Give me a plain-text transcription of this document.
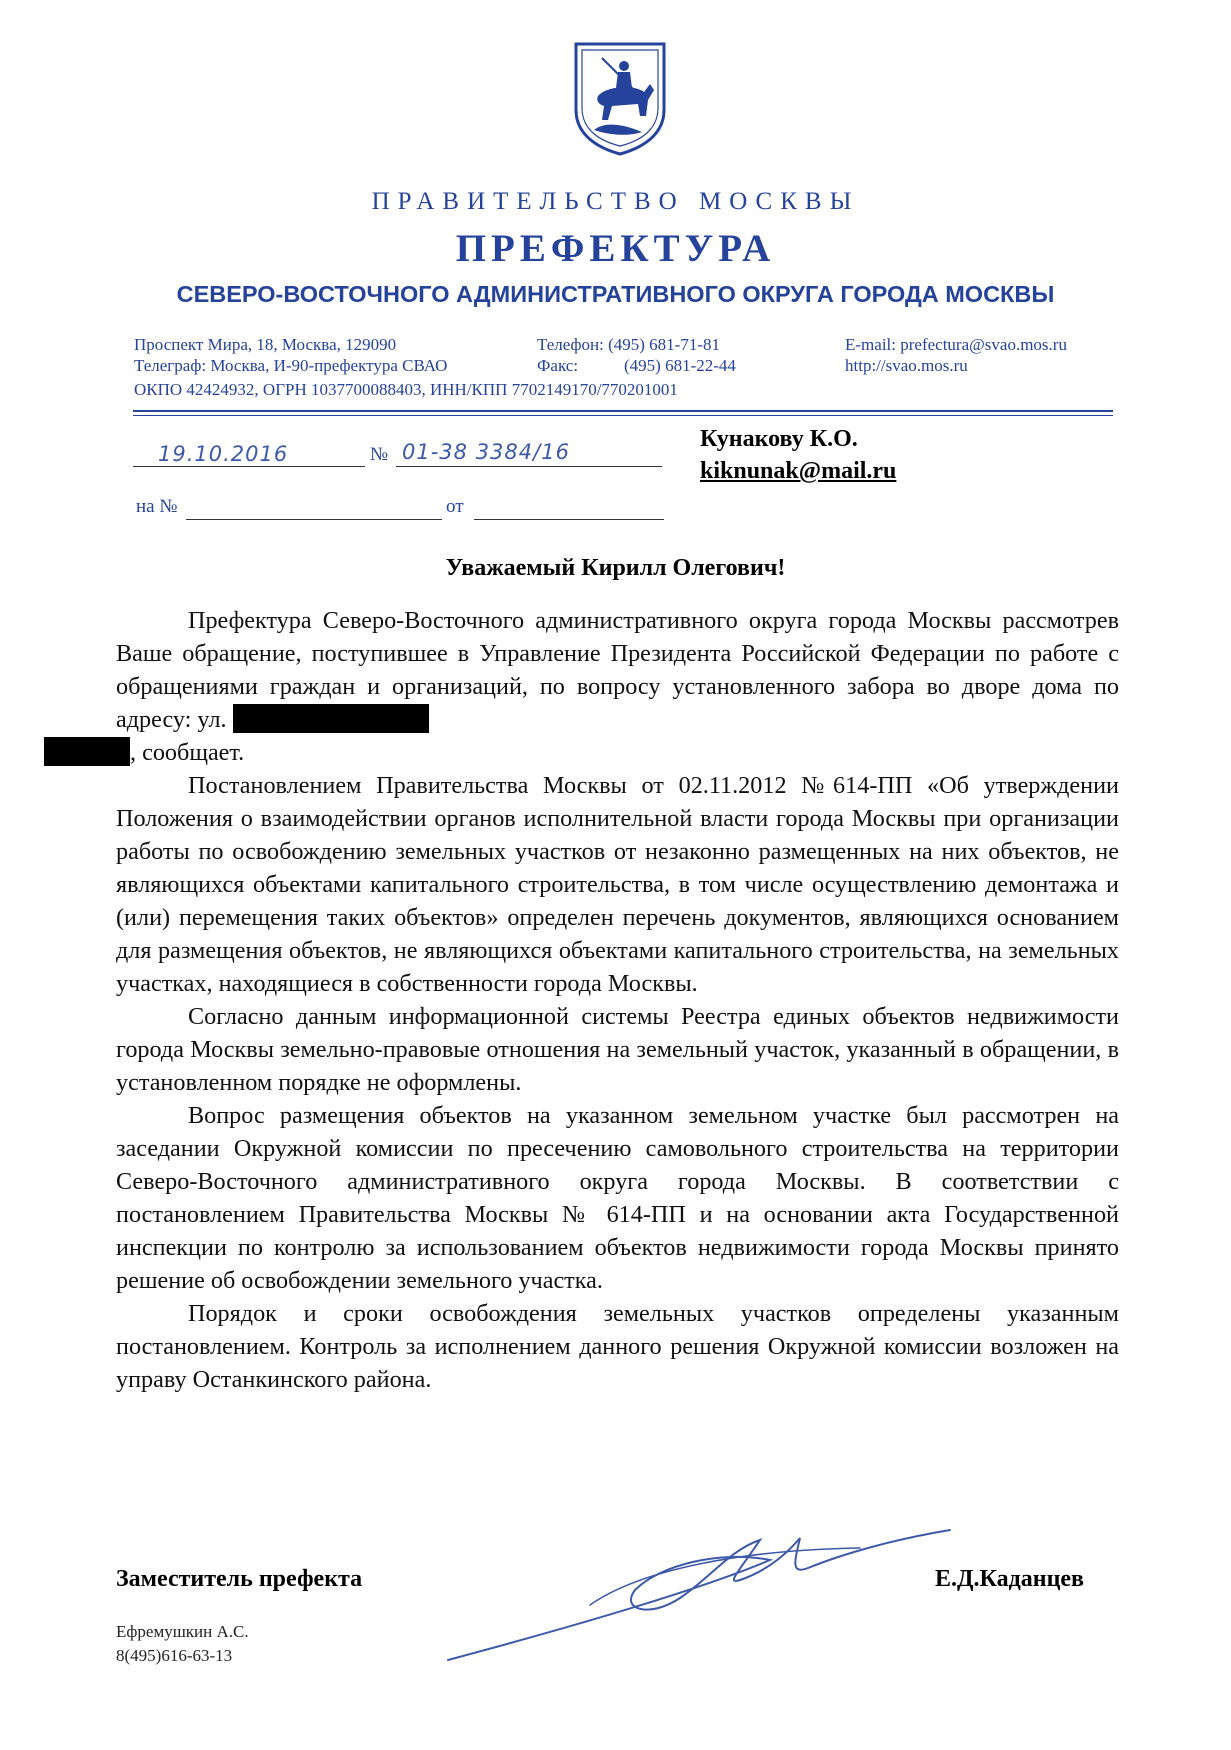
ПРАВИТЕЛЬСТВО МОСКВЫ
ПРЕФЕКТУРА
СЕВЕРО-ВОСТОЧНОГО АДМИНИСТРАТИВНОГО ОКРУГА ГОРОДА МОСКВЫ
Проспект Мира, 18, Москва, 129090
Телеграф: Москва, И-90-префектура СВАО
ОКПО 42424932, ОГРН 1037700088403, ИНН/КПП 7702149170/770201001
Телефон: (495) 681-71-81
Факс:	(495) 681-22-44
E-mail: prefectura@svao.mos.ru
http://svao.mos.ru
19.10.2016	№ 01-38 3384/16
на №	от
Кунакову К.О.
kiknunak@mail.ru
Уважаемый Кирилл Олегович!

Префектура Северо-Восточного административного округа города Москвы рассмотрев Ваше обращение, поступившее в Управление Президента Российской Федерации по работе с обращениями граждан и организаций, по вопросу установленного забора во дворе дома по адресу: ул.
, сообщает.

Постановлением Правительства Москвы от 02.11.2012 №614-ПП «Об утверждении Положения о взаимодействии органов исполнительной власти города Москвы при организации работы по освобождению земельных участков от незаконно размещенных на них объектов, не являющихся объектами капитального строительства, в том числе осуществлению демонтажа и (или) перемещения таких объектов» определен перечень документов, являющихся основанием для размещения объектов, не являющихся объектами капитального строительства, на земельных участках, находящиеся в собственности города Москвы.

Согласно данным информационной системы Реестра единых объектов недвижимости города Москвы земельно-правовые отношения на земельный участок, указанный в обращении, в установленном порядке не оформлены.

Вопрос размещения объектов на указанном земельном участке был рассмотрен на заседании Окружной комиссии по пресечению самовольного строительства на территории Северо-Восточного административного округа города Москвы. В соответствии с постановлением Правительства Москвы № 614-ПП и на основании акта Государственной инспекции по контролю за использованием объектов недвижимости города Москвы принято решение об освобождении земельного участка.

Порядок и сроки освобождения земельных участков определены указанным постановлением. Контроль за исполнением данного решения Окружной комиссии возложен на управу Останкинского района.

Заместитель префекта	Е.Д.Каданцев
Ефремушкин А.С.
8(495)616-63-13
